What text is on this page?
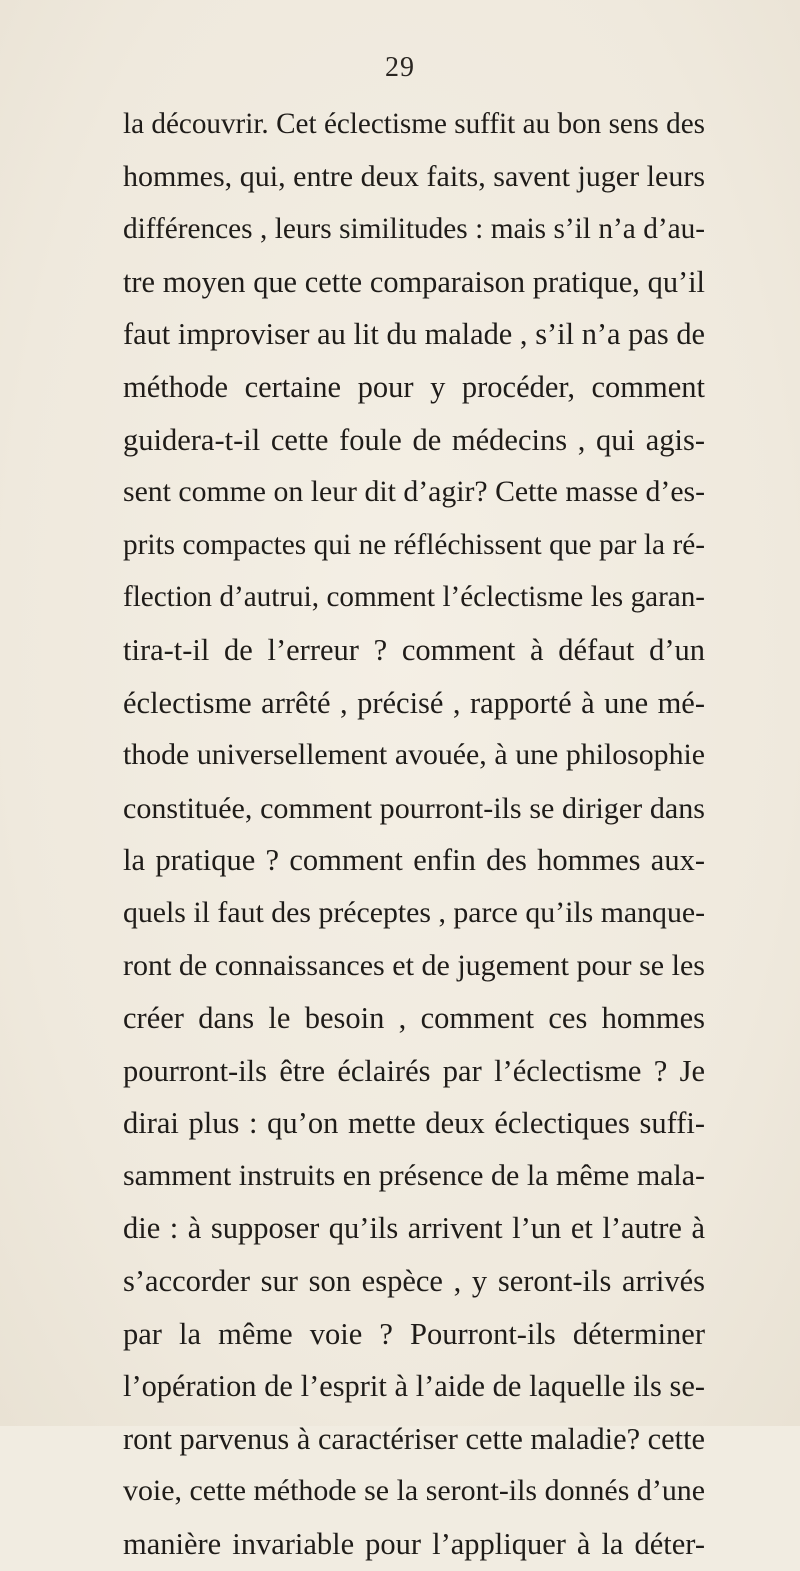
29
la découvrir. Cet éclectisme suffit au bon sens des
hommes, qui, entre deux faits, savent juger leurs
différences , leurs similitudes : mais s’il n’a d’au-
tre moyen que cette comparaison pratique, qu’il
faut improviser au lit du malade , s’il n’a pas de
méthode certaine pour y procéder, comment
guidera-t-il cette foule de médecins , qui agis-
sent comme on leur dit d’agir? Cette masse d’es-
prits compactes qui ne réfléchissent que par la ré-
flection d’autrui, comment l’éclectisme les garan-
tira-t-il de l’erreur ? comment à défaut d’un
éclectisme arrêté , précisé , rapporté à une mé-
thode universellement avouée, à une philosophie
constituée, comment pourront-ils se diriger dans
la pratique ? comment enfin des hommes aux-
quels il faut des préceptes , parce qu’ils manque-
ront de connaissances et de jugement pour se les
créer dans le besoin , comment ces hommes
pourront-ils être éclairés par l’éclectisme ? Je
dirai plus : qu’on mette deux éclectiques suffi-
samment instruits en présence de la même mala-
die : à supposer qu’ils arrivent l’un et l’autre à
s’accorder sur son espèce , y seront-ils arrivés
par la même voie ? Pourront-ils déterminer
l’opération de l’esprit à l’aide de laquelle ils se-
ront parvenus à caractériser cette maladie? cette
voie, cette méthode se la seront-ils donnés d’une
manière invariable pour l’appliquer à la déter-
